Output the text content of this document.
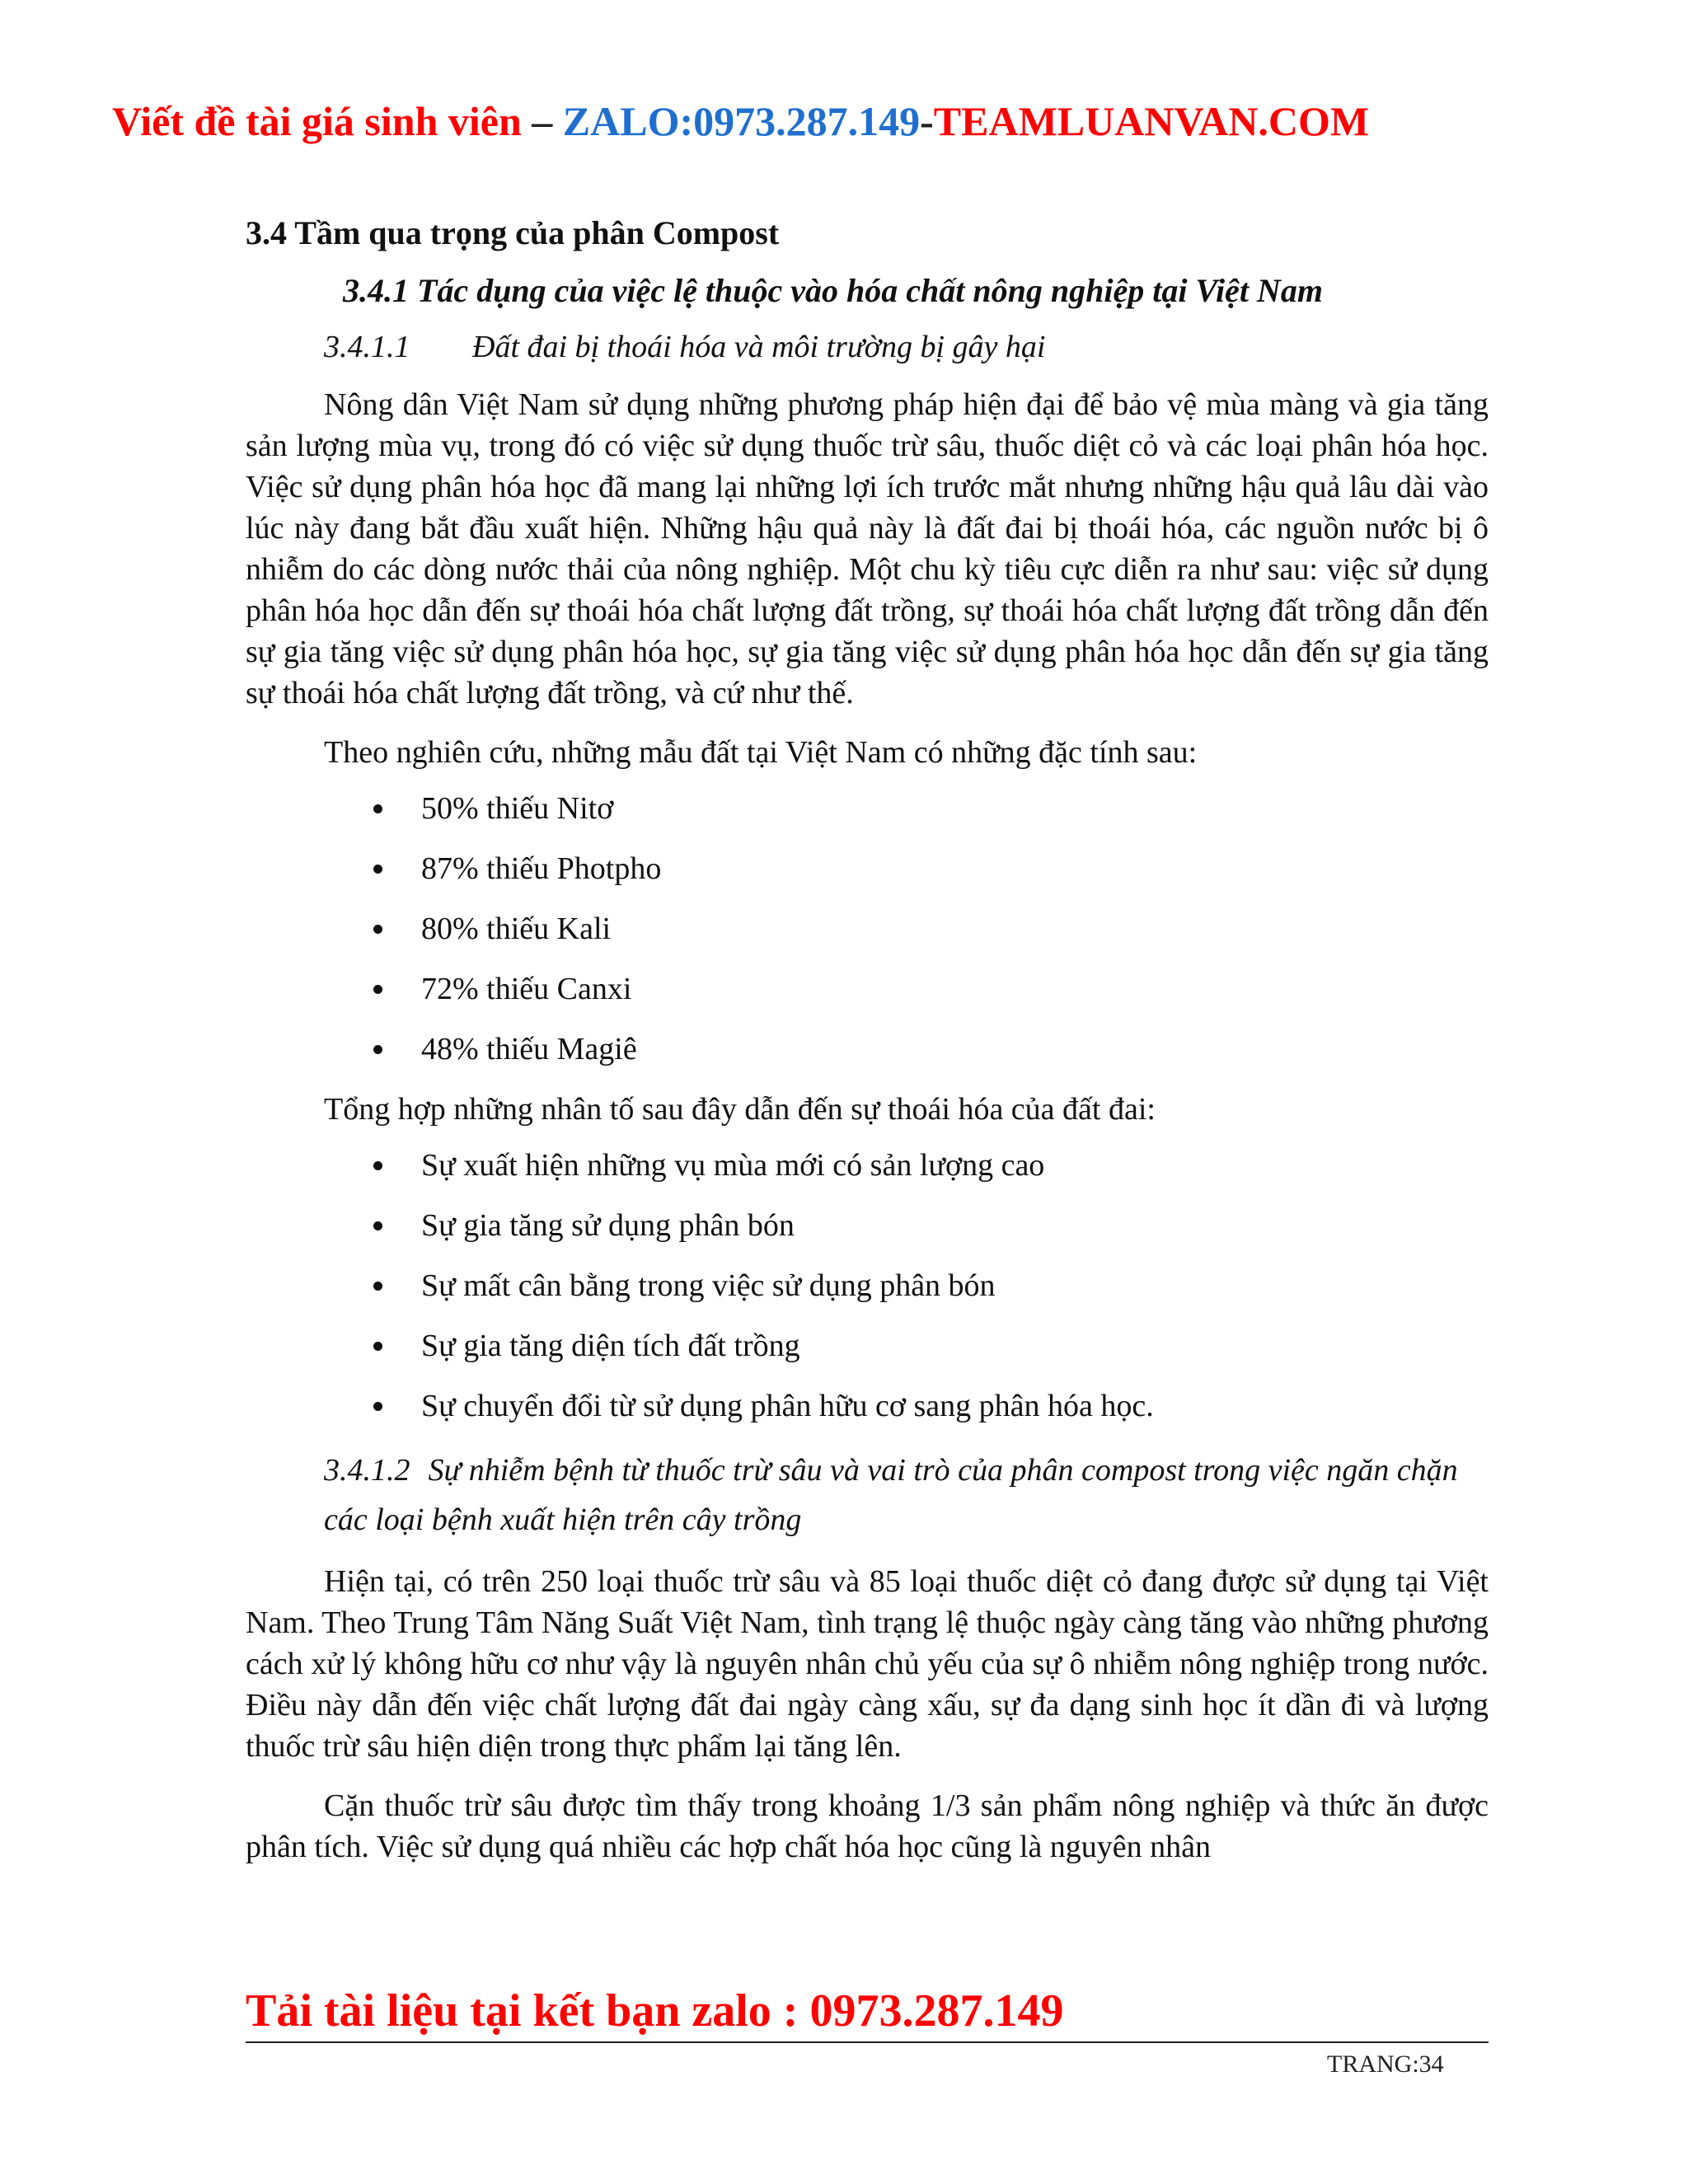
Viết đề tài giá sinh viên – ZALO:0973.287.149-TEAMLUANVAN.COM
3.4 Tầm qua trọng của phân Compost
3.4.1 Tác dụng của việc lệ thuộc vào hóa chất nông nghiệp tại Việt Nam
3.4.1.1	Đất đai bị thoái hóa và môi trường bị gây hại

Nông dân Việt Nam sử dụng những phương pháp hiện đại để bảo vệ mùa màng và gia tăng sản lượng mùa vụ, trong đó có việc sử dụng thuốc trừ sâu, thuốc diệt cỏ và các loại phân hóa học. Việc sử dụng phân hóa học đã mang lại những lợi ích trước mắt nhưng những hậu quả lâu dài vào lúc này đang bắt đầu xuất hiện. Những hậu quả này là đất đai bị thoái hóa, các nguồn nước bị ô nhiễm do các dòng nước thải của nông nghiệp. Một chu kỳ tiêu cực diễn ra như sau: việc sử dụng phân hóa học dẫn đến sự thoái hóa chất lượng đất trồng, sự thoái hóa chất lượng đất trồng dẫn đến sự gia tăng việc sử dụng phân hóa học, sự gia tăng việc sử dụng phân hóa học dẫn đến sự gia tăng sự thoái hóa chất lượng đất trồng, và cứ như thế.

Theo nghiên cứu, những mẫu đất tại Việt Nam có những đặc tính sau:
50% thiếu Nitơ
87% thiếu Photpho
80% thiếu Kali
72% thiếu Canxi
48% thiếu Magiê
Tổng hợp những nhân tố sau đây dẫn đến sự thoái hóa của đất đai:
Sự xuất hiện những vụ mùa mới có sản lượng cao
Sự gia tăng sử dụng phân bón
Sự mất cân bằng trong việc sử dụng phân bón
Sự gia tăng diện tích đất trồng
Sự chuyển đổi từ sử dụng phân hữu cơ sang phân hóa học.
3.4.1.2 Sự nhiễm bệnh từ thuốc trừ sâu và vai trò của phân compost trong việc ngăn chặn các loại bệnh xuất hiện trên cây trồng

Hiện tại, có trên 250 loại thuốc trừ sâu và 85 loại thuốc diệt cỏ đang được sử dụng tại Việt Nam. Theo Trung Tâm Năng Suất Việt Nam, tình trạng lệ thuộc ngày càng tăng vào những phương cách xử lý không hữu cơ như vậy là nguyên nhân chủ yếu của sự ô nhiễm nông nghiệp trong nước. Điều này dẫn đến việc chất lượng đất đai ngày càng xấu, sự đa dạng sinh học ít dần đi và lượng thuốc trừ sâu hiện diện trong thực phẩm lại tăng lên.

Cặn thuốc trừ sâu được tìm thấy trong khoảng 1/3 sản phẩm nông nghiệp và thức ăn được phân tích. Việc sử dụng quá nhiều các hợp chất hóa học cũng là nguyên nhân

Tải tài liệu tại kết bạn zalo : 0973.287.149
TRANG:34
